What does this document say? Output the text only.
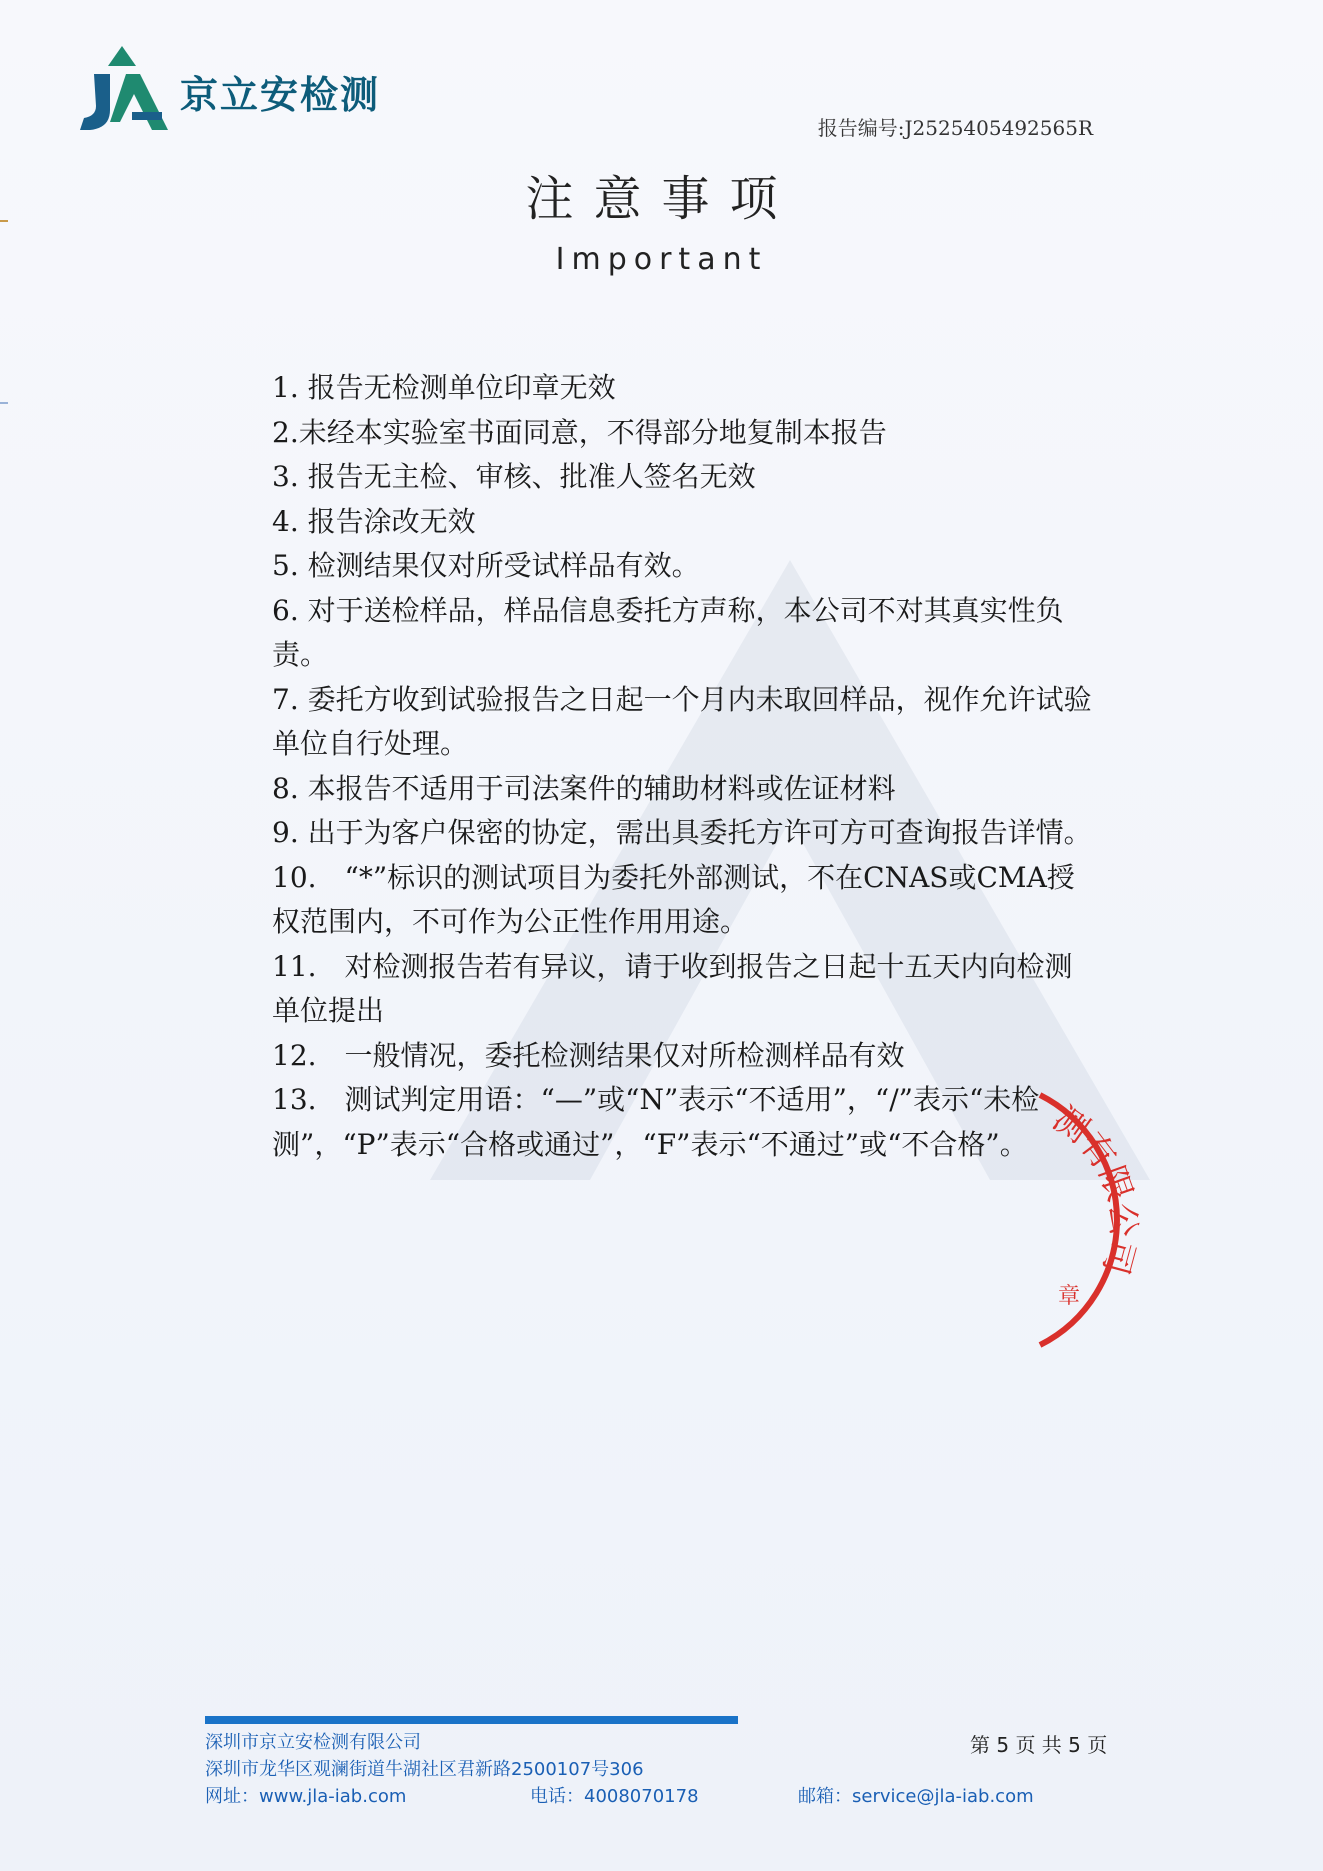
京立安检测
报告编号:J2525405492565R
注意事项
Important

1. 报告无检测单位印章无效

2.未经本实验室书面同意，不得部分地复制本报告

3. 报告无主检、审核、批准人签名无效

4. 报告涂改无效

5. 检测结果仅对所受试样品有效。

6. 对于送检样品，样品信息委托方声称，本公司不对其真实性负责。

7. 委托方收到试验报告之日起一个月内未取回样品，视作允许试验单位自行处理。

8. 本报告不适用于司法案件的辅助材料或佐证材料

9. 出于为客户保密的协定，需出具委托方许可方可查询报告详情。

10.　“*”标识的测试项目为委托外部测试，不在CNAS或CMA授权范围内，不可作为公正性作用用途。

11.　对检测报告若有异议，请于收到报告之日起十五天内向检测单位提出

12.　一般情况，委托检测结果仅对所检测样品有效

13.　测试判定用语：“—”或“N”表示“不适用”，“/”表示“未检测”，“P”表示“合格或通过”，“F”表示“不通过”或“不合格”。 测有限公司
章
深圳市京立安检测有限公司
深圳市龙华区观澜街道牛湖社区君新路2500107号306
网址：www.jla-iab.com	电话：4008070178	邮箱：service@jla-iab.com
第 5 页 共 5 页
